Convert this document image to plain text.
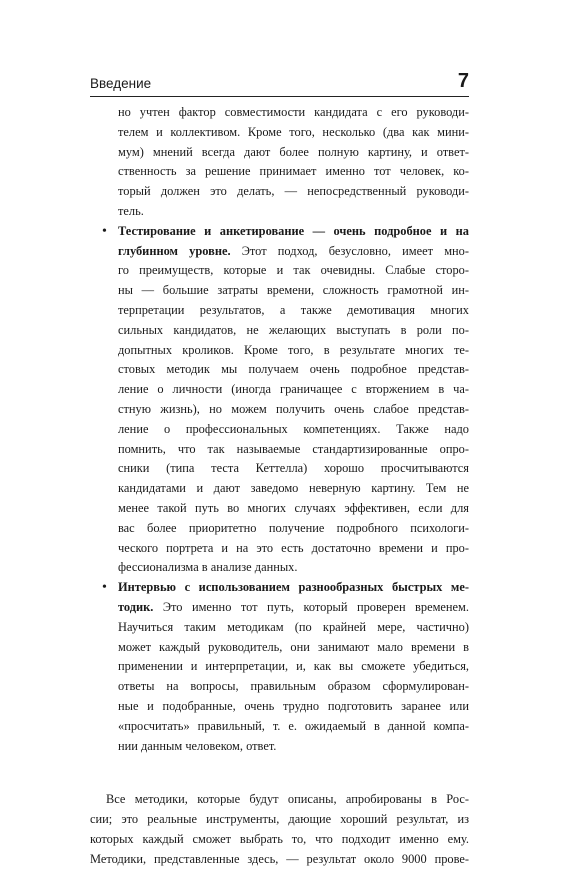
Введение	7
но учтен фактор совместимости кандидата с его руководи-
телем и коллективом. Кроме того, несколько (два как мини-
мум) мнений всегда дают более полную картину, и ответ-
ственность за решение принимает именно тот человек, ко-
торый должен это делать, — непосредственный руководи-
тель.
• Тестирование и анкетирование — очень подробное и на
глубинном уровне. Этот подход, безусловно, имеет мно-
го преимуществ, которые и так очевидны. Слабые сторо-
ны — большие затраты времени, сложность грамотной ин-
терпретации результатов, а также демотивация многих
сильных кандидатов, не желающих выступать в роли по-
допытных кроликов. Кроме того, в результате многих те-
стовых методик мы получаем очень подробное представ-
ление о личности (иногда граничащее с вторжением в ча-
стную жизнь), но можем получить очень слабое представ-
ление о профессиональных компетенциях. Также надо
помнить, что так называемые стандартизированные опро-
сники (типа теста Кеттелла) хорошо просчитываются
кандидатами и дают заведомо неверную картину. Тем не
менее такой путь во многих случаях эффективен, если для
вас более приоритетно получение подробного психологи-
ческого портрета и на это есть достаточно времени и про-
фессионализма в анализе данных.
• Интервью с использованием разнообразных быстрых ме-
тодик. Это именно тот путь, который проверен временем.
Научиться таким методикам (по крайней мере, частично)
может каждый руководитель, они занимают мало времени в
применении и интерпретации, и, как вы сможете убедиться,
ответы на вопросы, правильным образом сформулирован-
ные и подобранные, очень трудно подготовить заранее или
«просчитать» правильный, т. е. ожидаемый в данной компа-
нии данным человеком, ответ.
Все методики, которые будут описаны, апробированы в Рос-
сии; это реальные инструменты, дающие хороший результат, из
которых каждый сможет выбрать то, что подходит именно ему.
Методики, представленные здесь, — результат около 9000 прове-
